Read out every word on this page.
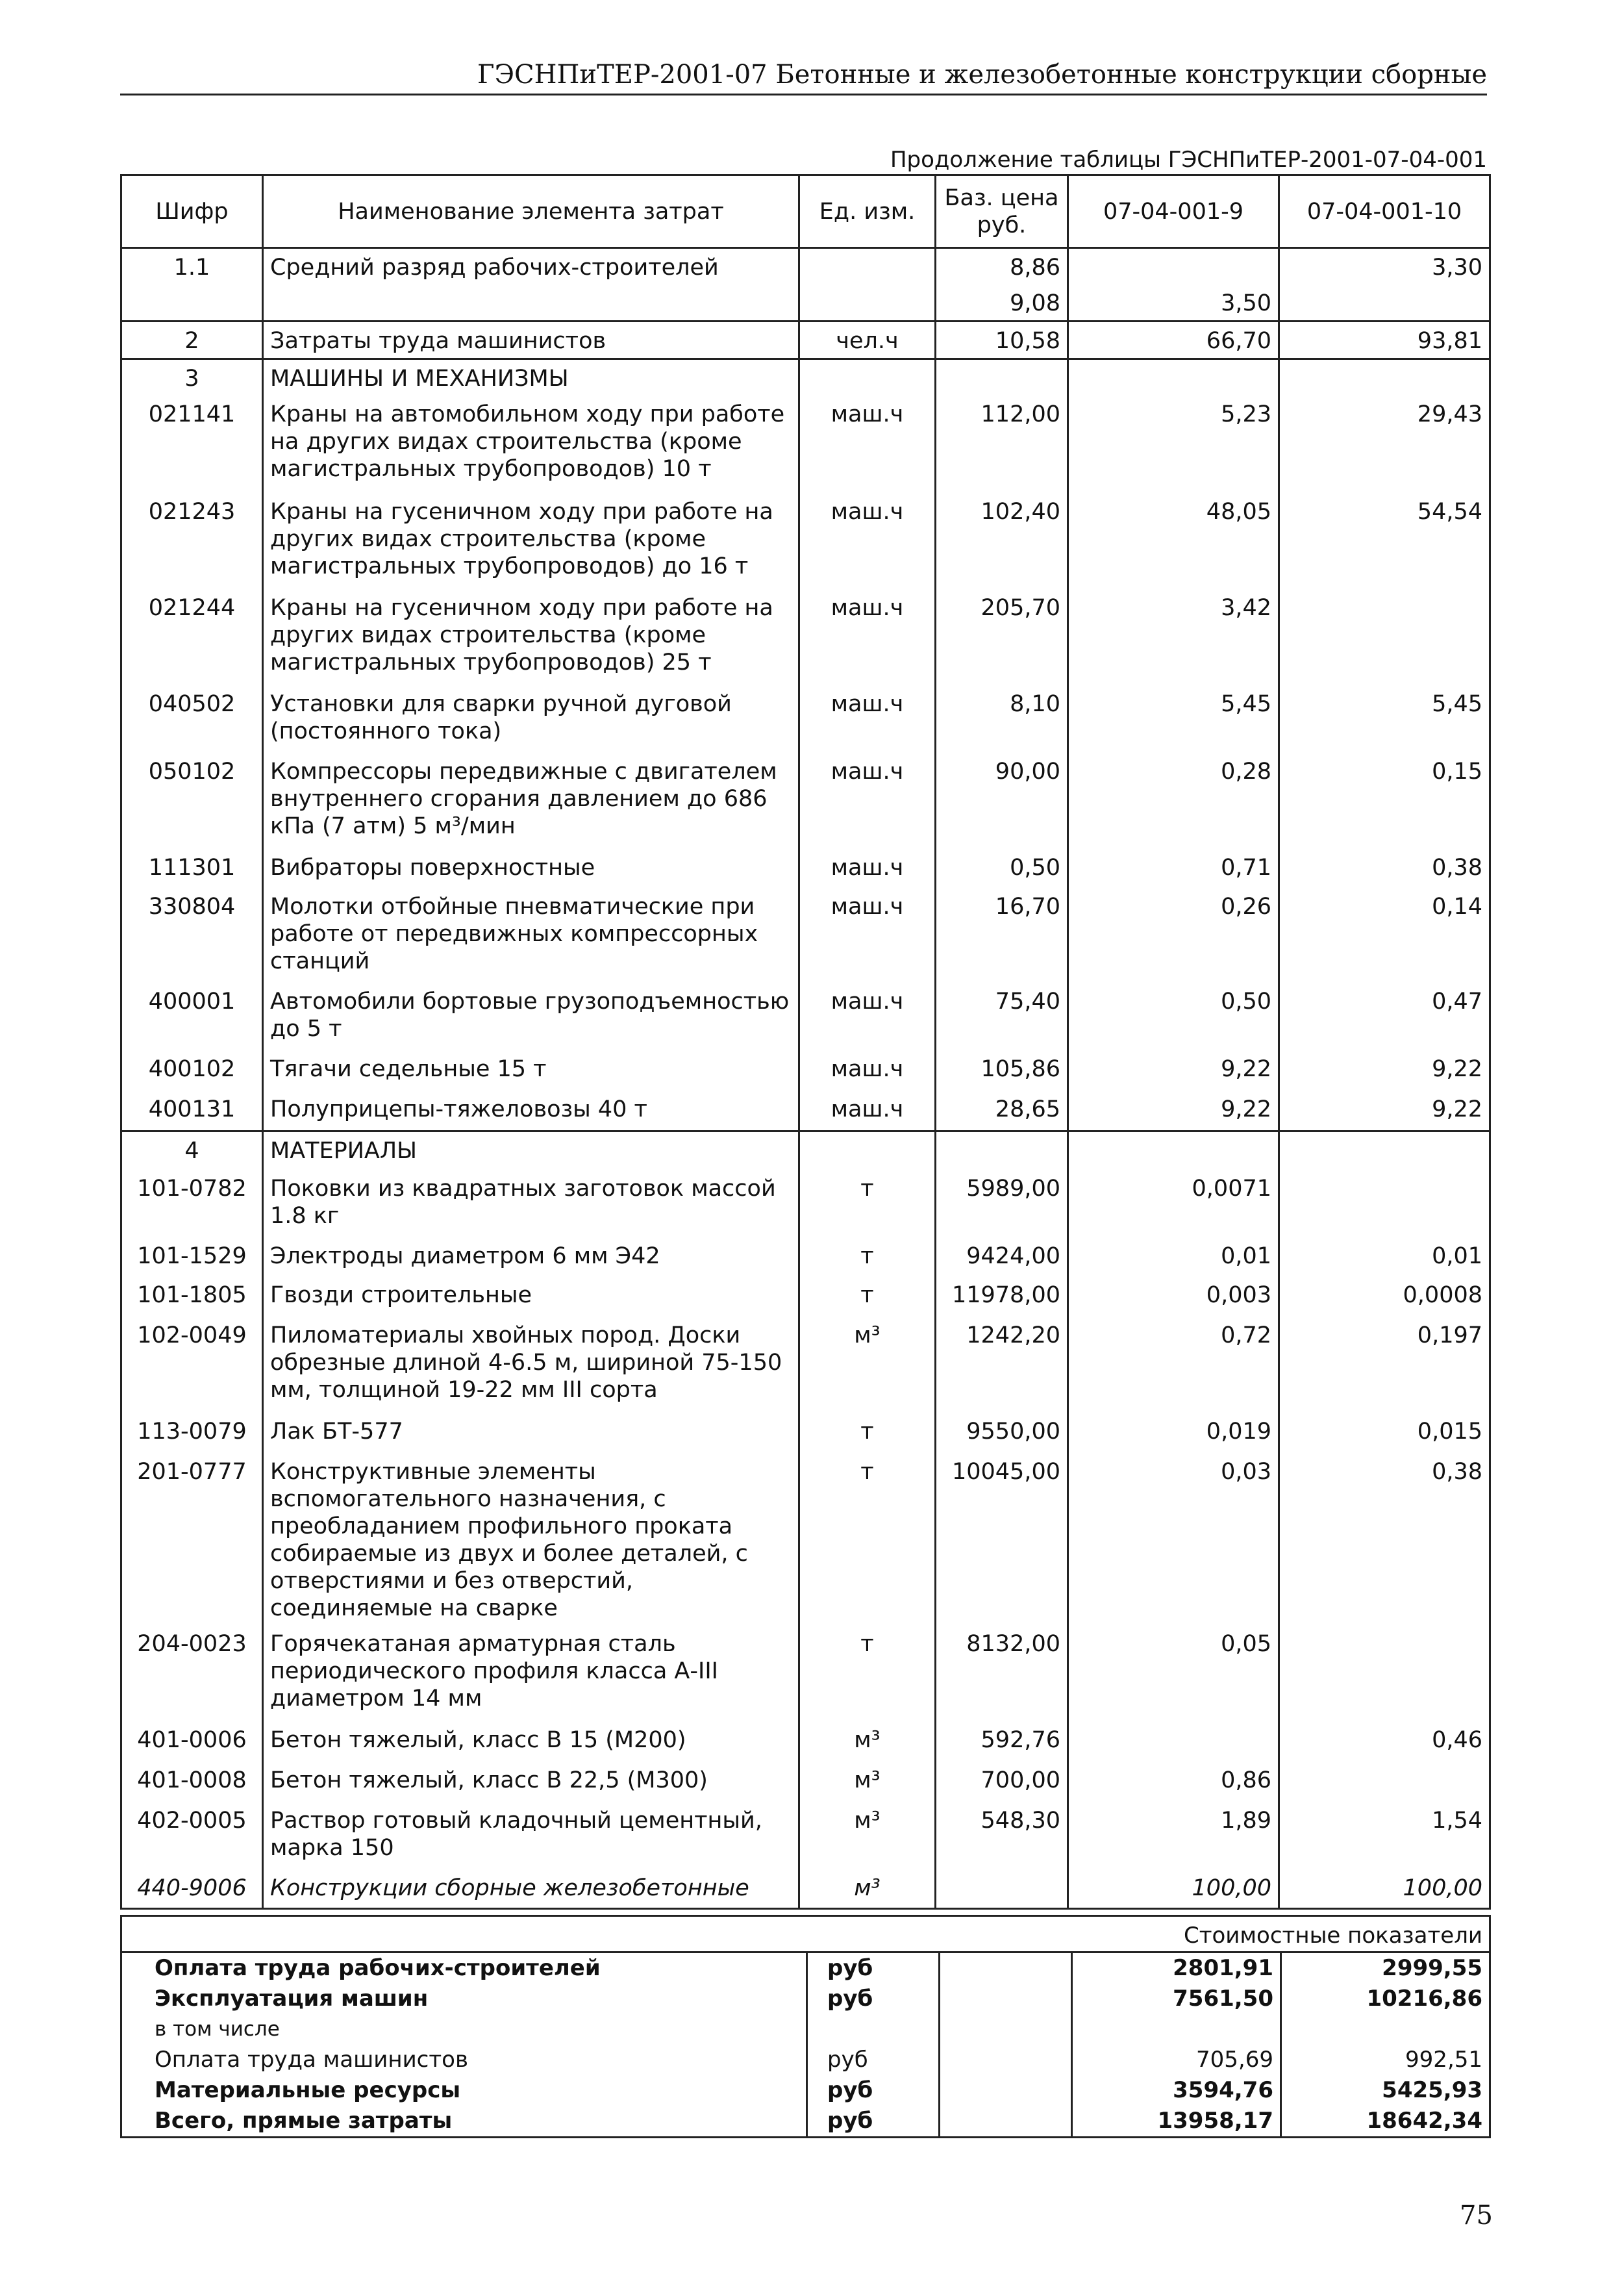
ГЭСНПиТЕР-2001-07 Бетонные и железобетонные конструкции сборные
Продолжение таблицы ГЭСНПиТЕР-2001-07-04-001
Шифр	Наименование элемента затрат	Ед. изм.	Баз. цена руб.	07-04-001-9	07-04-001-10
1.1	Средний разряд рабочих-строителей		8,86		3,30
			9,08	3,50	
2	Затраты труда машинистов	чел.ч	10,58	66,70	93,81
3	МАШИНЫ И МЕХАНИЗМЫ				
021141	Краны на автомобильном ходу при работе на других видах строительства (кроме магистральных трубопроводов) 10 т	маш.ч	112,00	5,23	29,43
021243	Краны на гусеничном ходу при работе на других видах строительства (кроме магистральных трубопроводов) до 16 т	маш.ч	102,40	48,05	54,54
021244	Краны на гусеничном ходу при работе на других видах строительства (кроме магистральных трубопроводов) 25 т	маш.ч	205,70	3,42	
040502	Установки для сварки ручной дуговой (постоянного тока)	маш.ч	8,10	5,45	5,45
050102	Компрессоры передвижные с двигателем внутреннего сгорания давлением до 686 кПа (7 атм) 5 м³/мин	маш.ч	90,00	0,28	0,15
111301	Вибраторы поверхностные	маш.ч	0,50	0,71	0,38
330804	Молотки отбойные пневматические при работе от передвижных компрессорных станций	маш.ч	16,70	0,26	0,14
400001	Автомобили бортовые грузоподъемностью до 5 т	маш.ч	75,40	0,50	0,47
400102	Тягачи седельные 15 т	маш.ч	105,86	9,22	9,22
400131	Полуприцепы-тяжеловозы 40 т	маш.ч	28,65	9,22	9,22
4	МАТЕРИАЛЫ				
101-0782	Поковки из квадратных заготовок массой 1.8 кг	т	5989,00	0,0071	
101-1529	Электроды диаметром 6 мм Э42	т	9424,00	0,01	0,01
101-1805	Гвозди строительные	т	11978,00	0,003	0,0008
102-0049	Пиломатериалы хвойных пород. Доски обрезные длиной 4-6.5 м, шириной 75-150 мм, толщиной 19-22 мм III сорта	м³	1242,20	0,72	0,197
113-0079	Лак БТ-577	т	9550,00	0,019	0,015
201-0777	Конструктивные элементы вспомогательного назначения, с преобладанием профильного проката собираемые из двух и более деталей, с отверстиями и без отверстий, соединяемые на сварке	т	10045,00	0,03	0,38
204-0023	Горячекатаная арматурная сталь периодического профиля класса А-III диаметром 14 мм	т	8132,00	0,05	
401-0006	Бетон тяжелый, класс В 15 (М200)	м³	592,76		0,46
401-0008	Бетон тяжелый, класс В 22,5 (М300)	м³	700,00	0,86	
402-0005	Раствор готовый кладочный цементный, марка 150	м³	548,30	1,89	1,54
440-9006	Конструкции сборные железобетонные	м³		100,00	100,00
Стоимостные показатели				
Оплата труда рабочих-строителей	руб		2801,91	2999,55
Эксплуатация машин	руб		7561,50	10216,86
в том числе				
Оплата труда машинистов	руб		705,69	992,51
Материальные ресурсы	руб		3594,76	5425,93
Всего, прямые затраты	руб		13958,17	18642,34
75
